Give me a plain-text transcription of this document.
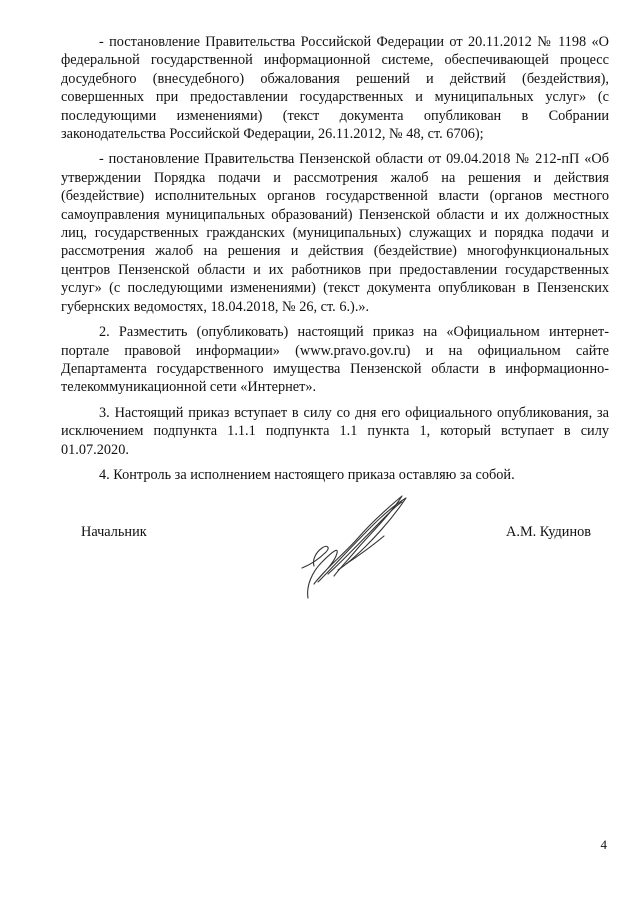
- постановление Правительства Российской Федерации от 20.11.2012 № 1198 «О федеральной государственной информационной системе, обеспечивающей процесс досудебного (внесудебного) обжалования решений и действий (бездействия), совершенных при предоставлении государственных и муниципальных услуг» (с последующими изменениями) (текст документа опубликован в Собрании законодательства Российской Федерации, 26.11.2012, № 48, ст. 6706);

- постановление Правительства Пензенской области от 09.04.2018 № 212-пП «Об утверждении Порядка подачи и рассмотрения жалоб на решения и действия (бездействие) исполнительных органов государственной власти (органов местного самоуправления муниципальных образований) Пензенской области и их должностных лиц, государственных гражданских (муниципальных) служащих и порядка подачи и рассмотрения жалоб на решения и действия (бездействие) многофункциональных центров Пензенской области и их работников при предоставлении государственных услуг» (с последующими изменениями) (текст документа опубликован в Пензенских губернских ведомостях, 18.04.2018, № 26, ст. 6.).».

2. Разместить (опубликовать) настоящий приказ на «Официальном интернет-портале правовой информации» (www.pravo.gov.ru) и на официальном сайте Департамента государственного имущества Пензенской области в информационно-телекоммуникационной сети «Интернет».

3. Настоящий приказ вступает в силу со дня его официального опубликования, за исключением подпункта 1.1.1 подпункта 1.1 пункта 1, который вступает в силу 01.07.2020.

4. Контроль за исполнением настоящего приказа оставляю за собой.

Начальник	А.М. Кудинов
4
